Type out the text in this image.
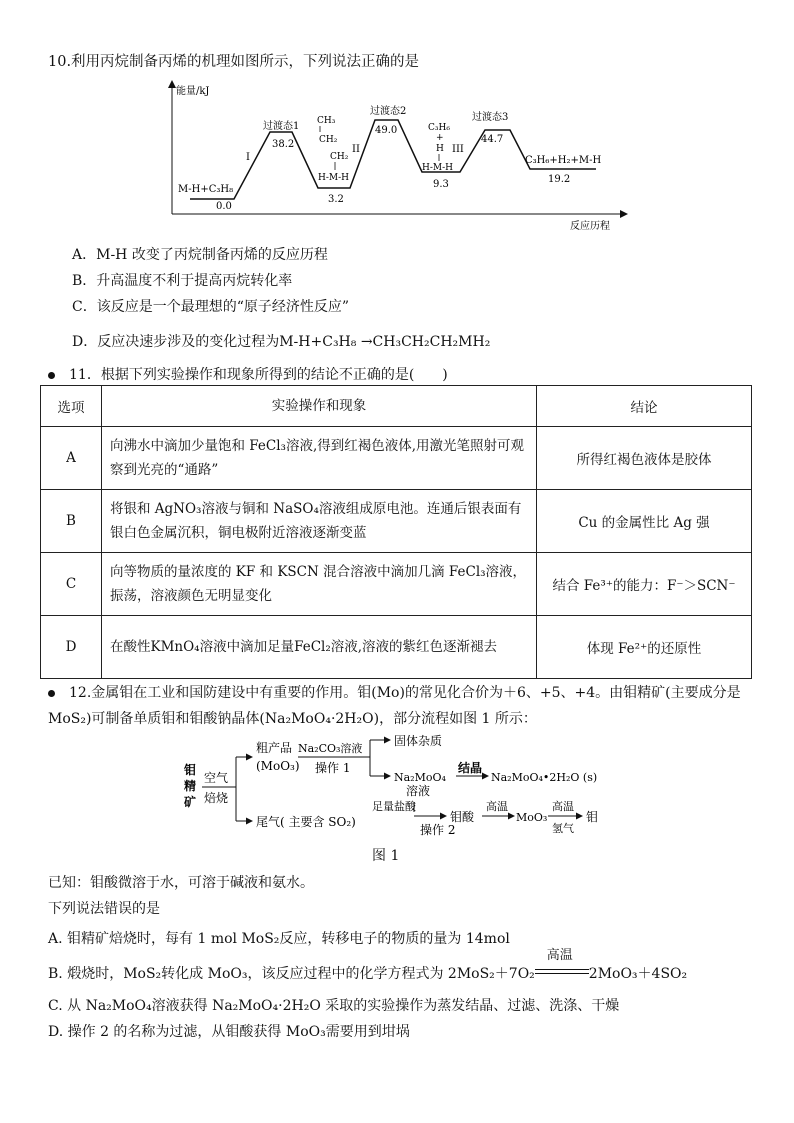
10.利用丙烷制备丙烯的机理如图所示，下列说法正确的是
能量/kJ
反应历程
M-H+C₃H₈
0.0
I
过渡态1
38.2
CH₃
CH₂
CH₂
H-M-H
3.2
II
过渡态2
49.0	C₃H₆
+
H
H-M-H
9.3
III
过渡态3
44.7
C₃H₆+H₂+M-H
19.2
A．M-H 改变了丙烷制备丙烯的反应历程
B．升高温度不利于提高丙烷转化率
C．该反应是一个最理想的“原子经济性反应”
D．反应决速步涉及的变化过程为M-H+C₃H₈ →CH₃CH₂CH₂MH₂
11．根据下列实验操作和现象所得到的结论不正确的是(　　)
选项	实验操作和现象	结论
A	向沸水中滴加少量饱和 FeCl₃溶液,得到红褐色液体,用激光笔照射可观察到光亮的“通路”	所得红褐色液体是胶体
B	将银和 AgNO₃溶液与铜和 NaSO₄溶液组成原电池。连通后银表面有银白色金属沉积，铜电极附近溶液逐渐变蓝	Cu 的金属性比 Ag 强
C	向等物质的量浓度的 KF 和 KSCN 混合溶液中滴加几滴 FeCl₃溶液，振荡，溶液颜色无明显变化	结合 Fe³⁺的能力：F⁻＞SCN⁻
D	在酸性KMnO₄溶液中滴加足量FeCl₂溶液,溶液的紫红色逐渐褪去	体现 Fe²⁺的还原性
12.金属钼在工业和国防建设中有重要的作用。钼(Mo)的常见化合价为＋6、+5、+4。由钼精矿(主要成分是 MoS₂)可制备单质钼和钼酸钠晶体(Na₂MoO₄·2H₂O)，部分流程如图 1 所示：
钼
精
矿
空气
焙烧
粗产品
(MoO₃)
Na₂CO₃溶液
操作 1
固体杂质
Na₂MoO₄
溶液
结晶
Na₂MoO₄•2H₂O (s)
尾气( 主要含 SO₂)
足量盐酸
操作 2
钼酸
高温
MoO₃
高温
氢气
钼
图 1
已知：钼酸微溶于水，可溶于碱液和氨水。
下列说法错误的是
A. 钼精矿焙烧时，每有 1 mol MoS₂反应，转移电子的物质的量为 14mol
B. 煅烧时，MoS₂转化成 MoO₃，该反应过程中的化学方程式为 2MoS₂＋7O₂
高温
2MoO₃＋4SO₂
C. 从 Na₂MoO₄溶液获得 Na₂MoO₄·2H₂O 采取的实验操作为蒸发结晶、过滤、洗涤、干燥
D. 操作 2 的名称为过滤，从钼酸获得 MoO₃需要用到坩埚
